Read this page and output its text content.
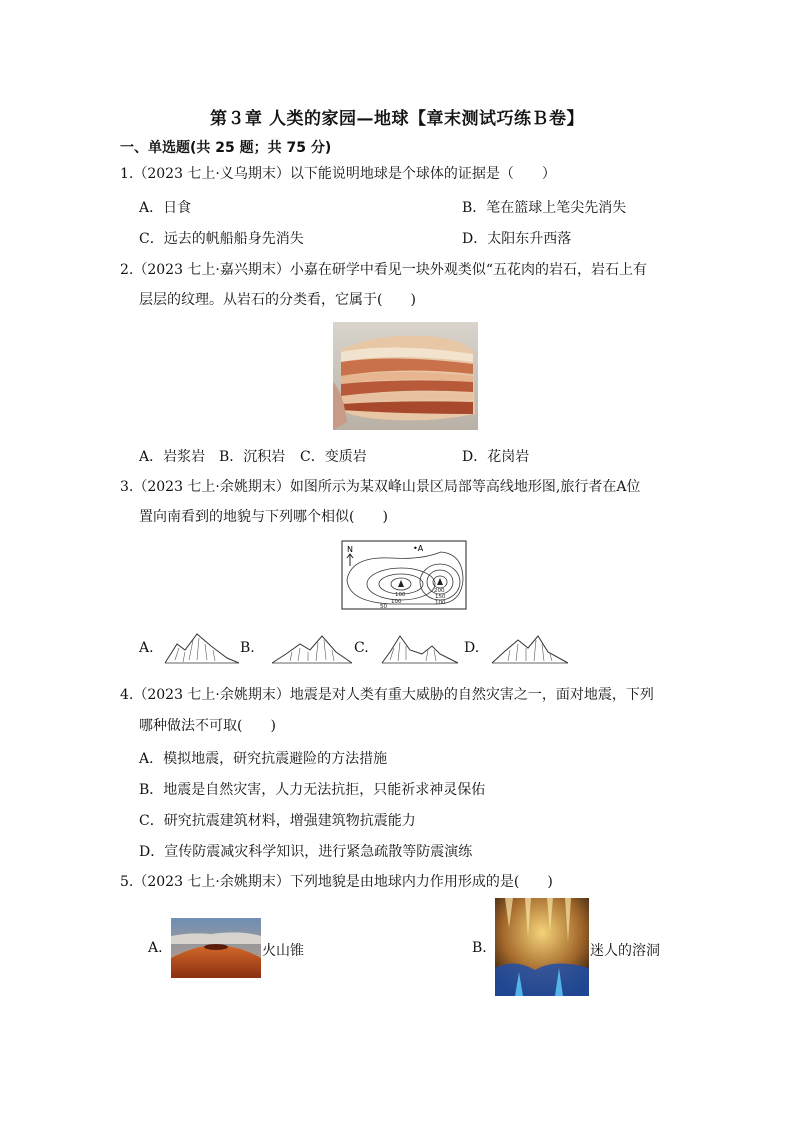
第３章 人类的家园—地球【章末测试巧练Ｂ卷】
一、单选题(共 25 题；共 75 分)
1.（2023 七上·义乌期末）以下能说明地球是个球体的证据是（　　）
A．日食	B．笔在篮球上笔尖先消失
C．远去的帆船船身先消失	D．太阳东升西落
2.（2023 七上·嘉兴期末）小嘉在研学中看见一块外观类似“五花肉的岩石，岩石上有
层层的纹理。从岩石的分类看，它属于(　　)
A．岩浆岩 B．沉积岩 C．变质岩	D．花岗岩
3.（2023 七上·余姚期末）如图所示为某双峰山景区局部等高线地形图,旅行者在A位
置向南看到的地貌与下列哪个相似(　　)
N	•A
100
200
150
100
100
50
A.	B.	C.	D.
4.（2023 七上·余姚期末）地震是对人类有重大威胁的自然灾害之一，面对地震，下列
哪种做法不可取(　　)
A．模拟地震，研究抗震避险的方法措施
B．地震是自然灾害，人力无法抗拒，只能祈求神灵保佑
C．研究抗震建筑材料，增强建筑物抗震能力
D．宣传防震减灾科学知识，进行紧急疏散等防震演练
5.（2023 七上·余姚期末）下列地貌是由地球内力作用形成的是(　　)
A.	火山锥	B.	迷人的溶洞
